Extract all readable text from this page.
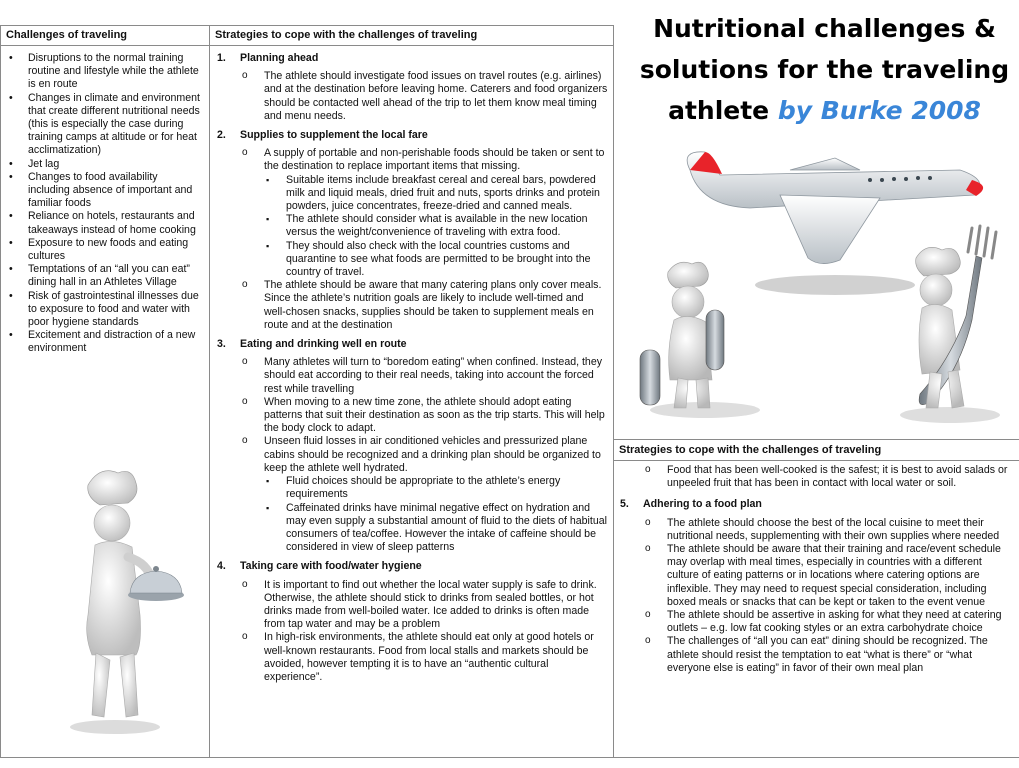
Challenges of traveling	Strategies to cope with the challenges of traveling
• Disruptions to the normal training routine and lifestyle while the athlete is en route
• Changes in climate and environment that create different nutritional needs (this is especially the case during training camps at altitude or for heat acclimatization)
• Jet lag
• Changes to food availability including absence of important and familiar foods
• Reliance on hotels, restaurants and takeaways instead of home cooking
• Exposure to new foods and eating cultures
• Temptations of an “all you can eat” dining hall in an Athletes Village
• Risk of gastrointestinal illnesses due to exposure to food and water with poor hygiene standards
• Excitement and distraction of a new environment
1. Planning ahead
o The athlete should investigate food issues on travel routes (e.g. airlines) and at the destination before leaving home. Caterers and food organizers should be contacted well ahead of the trip to let them know meal timing and menu needs.
2. Supplies to supplement the local fare
o A supply of portable and non-perishable foods should be taken or sent to the destination to replace important items that missing.
▪ Suitable items include breakfast cereal and cereal bars, powdered milk and liquid meals, dried fruit and nuts, sports drinks and protein powders, juice concentrates, freeze-dried and canned meals.
▪ The athlete should consider what is available in the new location versus the weight/convenience of traveling with extra food.
▪ They should also check with the local countries customs and quarantine to see what foods are permitted to be brought into the country of travel.
o The athlete should be aware that many catering plans only cover meals. Since the athlete’s nutrition goals are likely to include well-timed and well-chosen snacks, supplies should be taken to supplement meals en route and at the destination
3. Eating and drinking well en route
o Many athletes will turn to “boredom eating” when confined. Instead, they should eat according to their real needs, taking into account the forced rest while travelling
o When moving to a new time zone, the athlete should adopt eating patterns that suit their destination as soon as the trip starts. This will help the body clock to adapt.
o Unseen fluid losses in air conditioned vehicles and pressurized plane cabins should be recognized and a drinking plan should be organized to keep the athlete well hydrated.
▪ Fluid choices should be appropriate to the athlete’s energy requirements
▪ Caffeinated drinks have minimal negative effect on hydration and may even supply a substantial amount of fluid to the diets of habitual consumers of tea/coffee. However the intake of caffeine should be considered in view of sleep patterns
4. Taking care with food/water hygiene
o It is important to find out whether the local water supply is safe to drink. Otherwise, the athlete should stick to drinks from sealed bottles, or hot drinks made from well-boiled water. Ice added to drinks is often made from tap water and may be a problem
o In high-risk environments, the athlete should eat only at good hotels or well-known restaurants. Food from local stalls and markets should be avoided, however tempting it is to have an “authentic cultural experience”.
Nutritional challenges &
solutions for the traveling
athlete by Burke 2008
Strategies to cope with the challenges of traveling
o Food that has been well-cooked is the safest; it is best to avoid salads or unpeeled fruit that has been in contact with local water or soil.
5. Adhering to a food plan
o The athlete should choose the best of the local cuisine to meet their nutritional needs, supplementing with their own supplies where needed
o The athlete should be aware that their training and race/event schedule may overlap with meal times, especially in countries with a different culture of eating patterns or in locations where catering options are inflexible. They may need to request special consideration, including boxed meals or snacks that can be kept or taken to the event venue
o The athlete should be assertive in asking for what they need at catering outlets – e.g. low fat cooking styles or an extra carbohydrate choice
o The challenges of “all you can eat” dining should be recognized. The athlete should resist the temptation to eat “what is there” or “what everyone else is eating” in favor of their own meal plan
